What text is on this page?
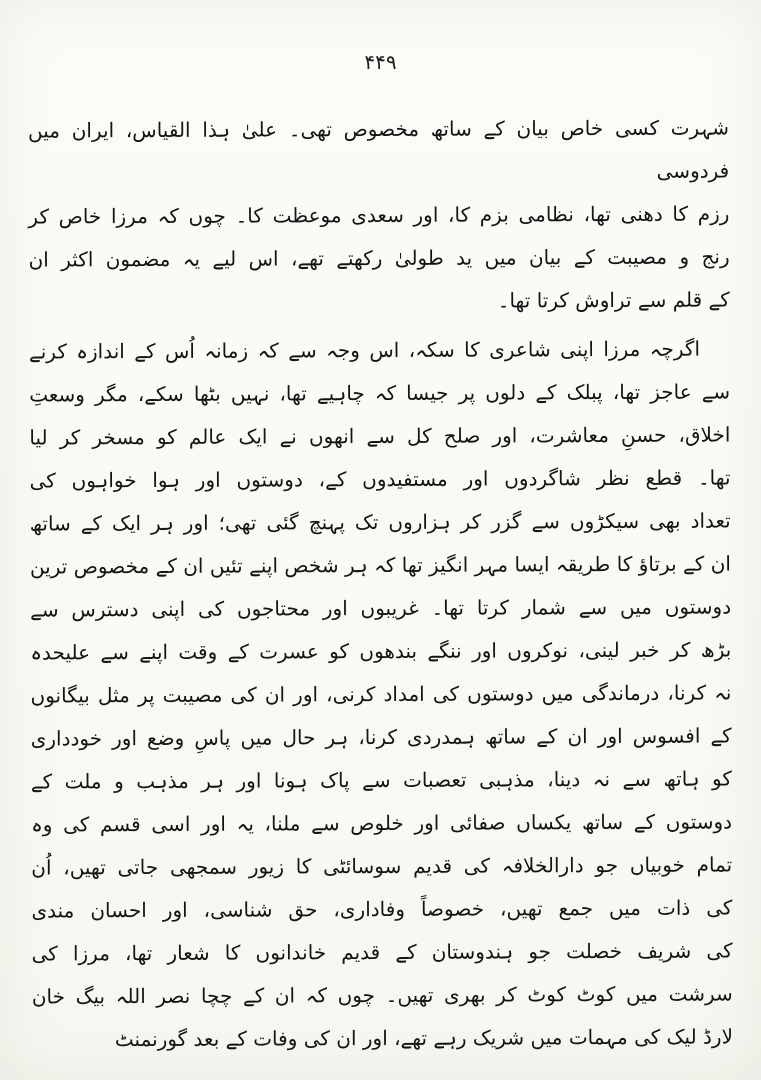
۴۴۹
شہرت کسی خاص بیان کے ساتھ مخصوص تھی۔ علیٰ ہذا القیاس، ایران میں فردوسی
رزم کا دھنی تھا، نظامی بزم کا، اور سعدی موعظت کا۔ چوں کہ مرزا خاص کر
رنج و مصیبت کے بیان میں ید طولیٰ رکھتے تھے، اس لیے یہ مضمون اکثر ان
کے قلم سے تراوش کرتا تھا۔
اگرچہ مرزا اپنی شاعری کا سکہ، اس وجہ سے کہ زمانہ اُس کے اندازہ کرنے
سے عاجز تھا، پبلک کے دلوں پر جیسا کہ چاہیے تھا، نہیں بٹھا سکے، مگر وسعتِ
اخلاق، حسنِ معاشرت، اور صلح کل سے انھوں نے ایک عالم کو مسخر کر لیا
تھا۔ قطع نظر شاگردوں اور مستفیدوں کے، دوستوں اور ہوا خواہوں کی
تعداد بھی سیکڑوں سے گزر کر ہزاروں تک پہنچ گئی تھی؛ اور ہر ایک کے ساتھ
ان کے برتاؤ کا طریقہ ایسا مہر انگیز تھا کہ ہر شخص اپنے تئیں ان کے مخصوص ترین
دوستوں میں سے شمار کرتا تھا۔ غریبوں اور محتاجوں کی اپنی دسترس سے
بڑھ کر خبر لینی، نوکروں اور ننگے بندھوں کو عسرت کے وقت اپنے سے علیحدہ
نہ کرنا، درماندگی میں دوستوں کی امداد کرنی، اور ان کی مصیبت پر مثل بیگانوں
کے افسوس اور ان کے ساتھ ہمدردی کرنا، ہر حال میں پاسِ وضع اور خودداری
کو ہاتھ سے نہ دینا، مذہبی تعصبات سے پاک ہونا اور ہر مذہب و ملت کے
دوستوں کے ساتھ یکساں صفائی اور خلوص سے ملنا، یہ اور اسی قسم کی وہ
تمام خوبیاں جو دارالخلافہ کی قدیم سوسائٹی کا زیور سمجھی جاتی تھیں، اُن
کی ذات میں جمع تھیں، خصوصاً وفاداری، حق شناسی، اور احسان مندی
کی شریف خصلت جو ہندوستان کے قدیم خاندانوں کا شعار تھا، مرزا کی
سرشت میں کوٹ کوٹ کر بھری تھیں۔ چوں کہ ان کے چچا نصر اللہ بیگ خان
لارڈ لیک کی مہمات میں شریک رہے تھے، اور ان کی وفات کے بعد گورنمنٹ
